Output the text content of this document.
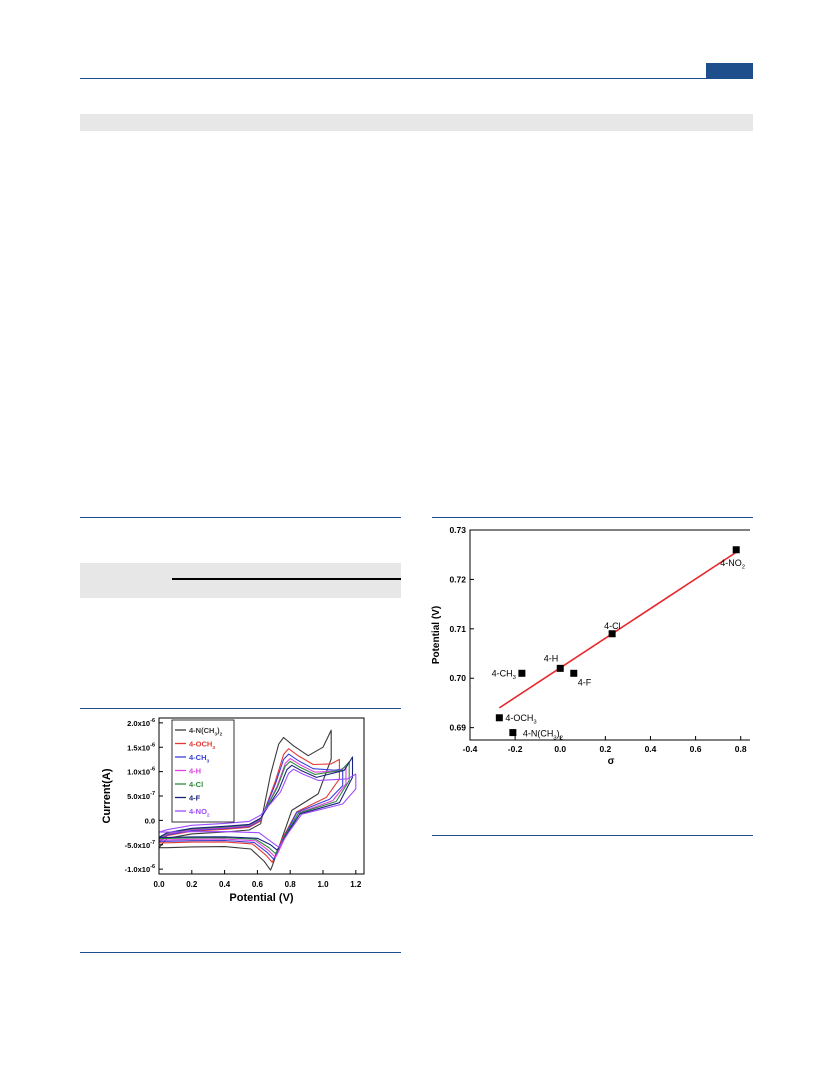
0.0	0.2	0.4	0.6	0.8	1.0	1.2
$2.0x10^{-6}$
$1.5x10^{-6}$
$1.0x10^{-6}$
$5.0x10^{-7}$
0.0
$-5.0x10^{-7}$
$-1.0x10^{-6}$
$4-N(CH_3)_2$
$4-OCH_3$
$4-CH_3$
4-H
4-Cl
4-F
$4-NO_2$
Potential (V)
Current(A)
-0.4	-0.2	0.0	0.2	0.4	0.6	0.8
0.69
0.70
0.71
0.72
0.73
$4-OCH_3$
$4-N(CH_3)_2$
$4-CH_3$
4-H
4-F
4-Cl
$4-NO_2$
σ
Potential (V)
